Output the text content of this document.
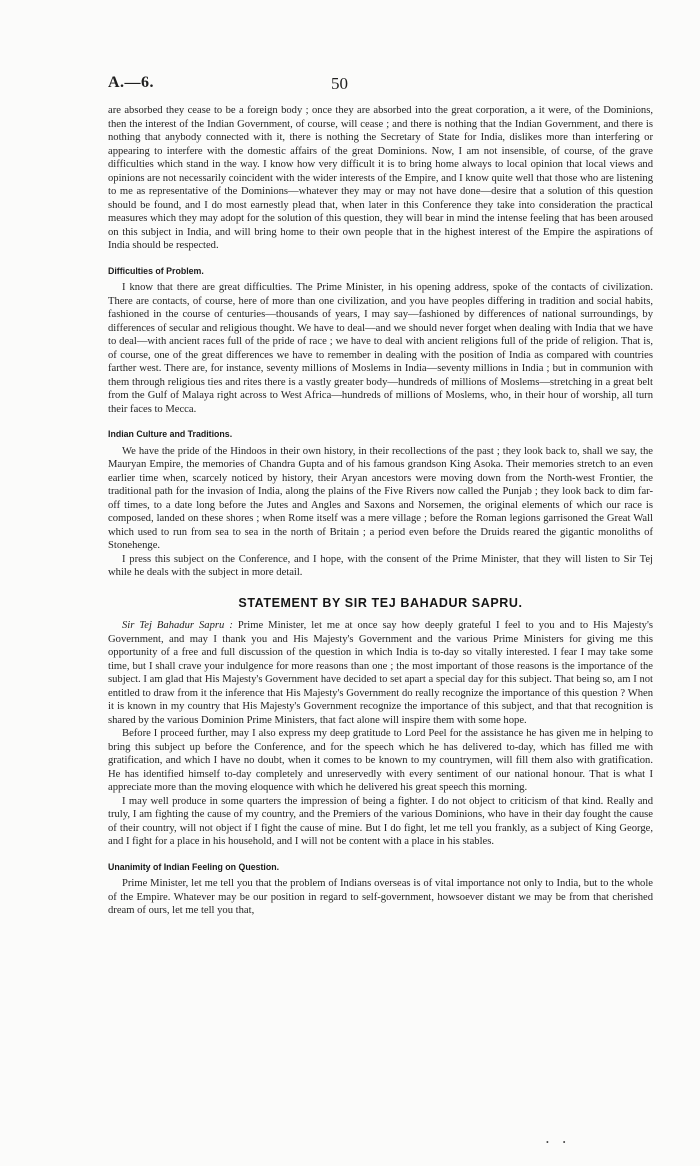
A.—6.	50

are absorbed they cease to be a foreign body ; once they are absorbed into the great corporation, a it were, of the Dominions, then the interest of the Indian Government, of course, will cease ; and there is nothing that the Indian Government, and there is nothing that anybody connected with it, there is nothing the Secretary of State for India, dislikes more than interfering or appearing to interfere with the domestic affairs of the great Dominions. Now, I am not insensible, of course, of the grave difficulties which stand in the way. I know how very difficult it is to bring home always to local opinion that local views and opinions are not necessarily coincident with the wider interests of the Empire, and I know quite well that those who are listening to me as representative of the Dominions—whatever they may or may not have done—desire that a solution of this question should be found, and I do most earnestly plead that, when later in this Conference they take into consideration the practical measures which they may adopt for the solution of this question, they will bear in mind the intense feeling that has been aroused on this subject in India, and will bring home to their own people that in the highest interest of the Empire the aspirations of India should be respected.

Difficulties of Problem.

I know that there are great difficulties. The Prime Minister, in his opening address, spoke of the contacts of civilization. There are contacts, of course, here of more than one civilization, and you have peoples differing in tradition and social habits, fashioned in the course of centuries—thousands of years, I may say—fashioned by differences of national surroundings, by differences of secular and religious thought. We have to deal—and we should never forget when dealing with India that we have to deal—with ancient races full of the pride of race ; we have to deal with ancient religions full of the pride of religion. That is, of course, one of the great differences we have to remember in dealing with the position of India as compared with countries farther west. There are, for instance, seventy millions of Moslems in India—seventy millions in India ; but in communion with them through religious ties and rites there is a vastly greater body—hundreds of millions of Moslems—stretching in a great belt from the Gulf of Malaya right across to West Africa—hundreds of millions of Moslems, who, in their hour of worship, all turn their faces to Mecca.

Indian Culture and Traditions.

We have the pride of the Hindoos in their own history, in their recollections of the past ; they look back to, shall we say, the Mauryan Empire, the memories of Chandra Gupta and of his famous grandson King Asoka. Their memories stretch to an even earlier time when, scarcely noticed by history, their Aryan ancestors were moving down from the North-west Frontier, the traditional path for the invasion of India, along the plains of the Five Rivers now called the Punjab ; they look back to dim far-off times, to a date long before the Jutes and Angles and Saxons and Norsemen, the original elements of which our race is composed, landed on these shores ; when Rome itself was a mere village ; before the Roman legions garrisoned the Great Wall which used to run from sea to sea in the north of Britain ; a period even before the Druids reared the gigantic monoliths of Stonehenge.

I press this subject on the Conference, and I hope, with the consent of the Prime Minister, that they will listen to Sir Tej while he deals with the subject in more detail.

STATEMENT BY SIR TEJ BAHADUR SAPRU.

Sir Tej Bahadur Sapru : Prime Minister, let me at once say how deeply grateful I feel to you and to His Majesty's Government, and may I thank you and His Majesty's Government and the various Prime Ministers for giving me this opportunity of a free and full discussion of the question in which India is to-day so vitally interested. I fear I may take some time, but I shall crave your indulgence for more reasons than one ; the most important of those reasons is the importance of the subject. I am glad that His Majesty's Government have decided to set apart a special day for this subject. That being so, am I not entitled to draw from it the inference that His Majesty's Government do really recognize the importance of this question ? When it is known in my country that His Majesty's Government recognize the importance of this subject, and that that recognition is shared by the various Dominion Prime Ministers, that fact alone will inspire them with some hope.

Before I proceed further, may I also express my deep gratitude to Lord Peel for the assistance he has given me in helping to bring this subject up before the Conference, and for the speech which he has delivered to-day, which has filled me with gratification, and which I have no doubt, when it comes to be known to my countrymen, will fill them also with gratification. He has identified himself to-day completely and unreservedly with every sentiment of our national honour. That is what I appreciate more than the moving eloquence with which he delivered his great speech this morning.

I may well produce in some quarters the impression of being a fighter. I do not object to criticism of that kind. Really and truly, I am fighting the cause of my country, and the Premiers of the various Dominions, who have in their day fought the cause of their country, will not object if I fight the cause of mine. But I do fight, let me tell you frankly, as a subject of King George, and I fight for a place in his household, and I will not be content with a place in his stables.

Unanimity of Indian Feeling on Question.

Prime Minister, let me tell you that the problem of Indians overseas is of vital importance not only to India, but to the whole of the Empire. Whatever may be our position in regard to self-government, howsoever distant we may be from that cherished dream of ours, let me tell you that,

• •
